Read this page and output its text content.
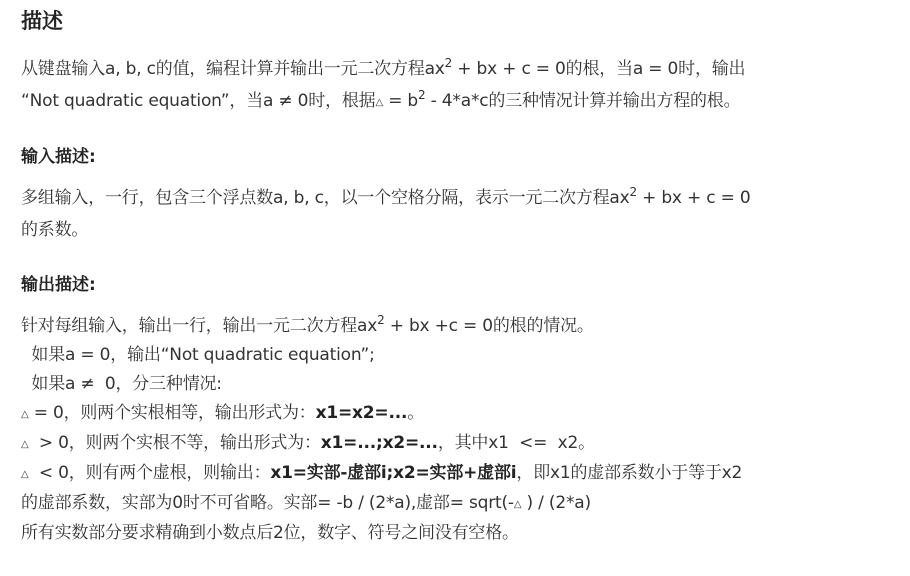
描述
从键盘输入a, b, c的值，编程计算并输出一元二次方程$ax^2$ + bx + c = 0的根，当a = 0时，输出
“Not quadratic equation”，当a ≠ 0时，根据△ = $b^2 - 4*a*c$的三种情况计算并输出方程的根。
输入描述:
多组输入，一行，包含三个浮点数a, b, c，以一个空格分隔，表示一元二次方程$ax^2$ + bx + c = 0
的系数。
输出描述:
针对每组输入，输出一行，输出一元二次方程$ax^2$ + bx +c = 0的根的情况。
如果a = 0，输出“Not quadratic equation”;
如果a ≠  0，分三种情况:
△ = 0，则两个实根相等，输出形式为：x1=x2=...。
△  > 0，则两个实根不等，输出形式为：x1=...;x2=...，其中x1  <=  x2。
△  < 0，则有两个虚根，则输出：x1=实部-虚部i;x2=实部+虚部i，即x1的虚部系数小于等于x2
的虚部系数，实部为0时不可省略。实部= -b / (2*a),虚部= sqrt(-△ ) / (2*a)
所有实数部分要求精确到小数点后2位，数字、符号之间没有空格。
